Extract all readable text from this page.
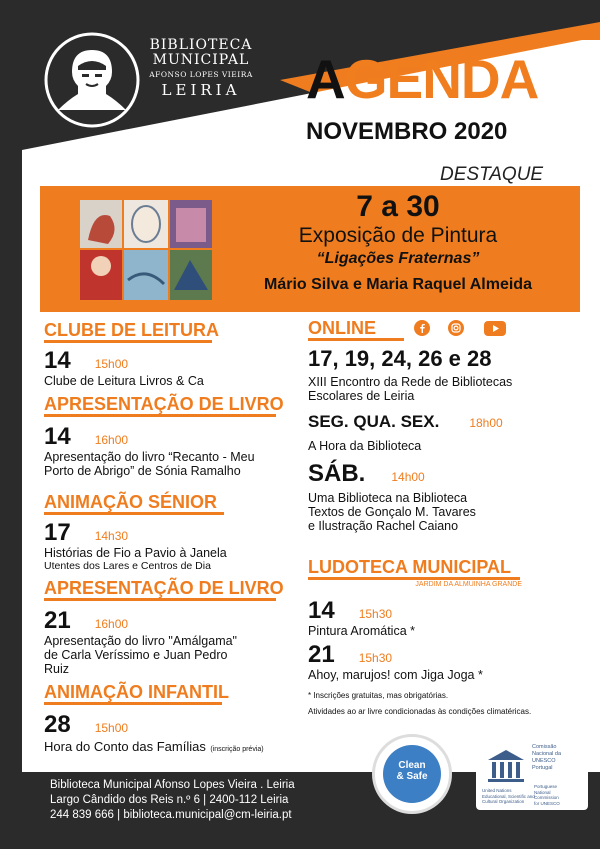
BIBLIOTECA
MUNICIPAL
AFONSO LOPES VIEIRA
LEIRIA	AGENDA
NOVEMBRO 2020
DESTAQUE
7 a 30
Exposição de Pintura
“Ligações Fraternas”
Mário Silva e Maria Raquel Almeida
CLUBE DE LEITURA
14 15h00
Clube de Leitura Livros & Ca
APRESENTAÇÃO DE LIVRO
14 16h00
Apresentação do livro “Recanto - Meu
Porto de Abrigo” de Sónia Ramalho
ANIMAÇÃO SÉNIOR
17 14h30
Histórias de Fio a Pavio à Janela
Utentes dos Lares e Centros de Dia
APRESENTAÇÃO DE LIVRO
21 16h00
Apresentação do livro "Amálgama"
de Carla Veríssimo e Juan Pedro
Ruiz
ANIMAÇÃO INFANTIL
28 15h00
Hora do Conto das Famílias (inscrição prévia)
ONLINE
17, 19, 24, 26 e 28
XIII Encontro da Rede de Bibliotecas
Escolares de Leiria
SEG. QUA. SEX.	18h00
A Hora da Biblioteca
SÁB. 14h00
Uma Biblioteca na Biblioteca
Textos de Gonçalo M. Tavares
e Ilustração Rachel Caiano
LUDOTECA MUNICIPAL
JARDIM DA ALMUINHA GRANDE
14 15h30
Pintura Aromática *
21 15h30
Ahoy, marujos! com Jiga Joga *
* Inscrições gratuitas, mas obrigatórias.
Atividades ao ar livre condicionadas às condições climatéricas.
Biblioteca Municipal Afonso Lopes Vieira . Leiria
Largo Cândido dos Reis n.º 6 | 2400-112 Leiria
244 839 666 | biblioteca.municipal@cm-leiria.pt
Clean
& Safe
Comissão
Nacional da
UNESCO
Portugal
United Nations
Educational, Scientific and
Cultural Organization
Portuguese
National
Commission
for UNESCO
